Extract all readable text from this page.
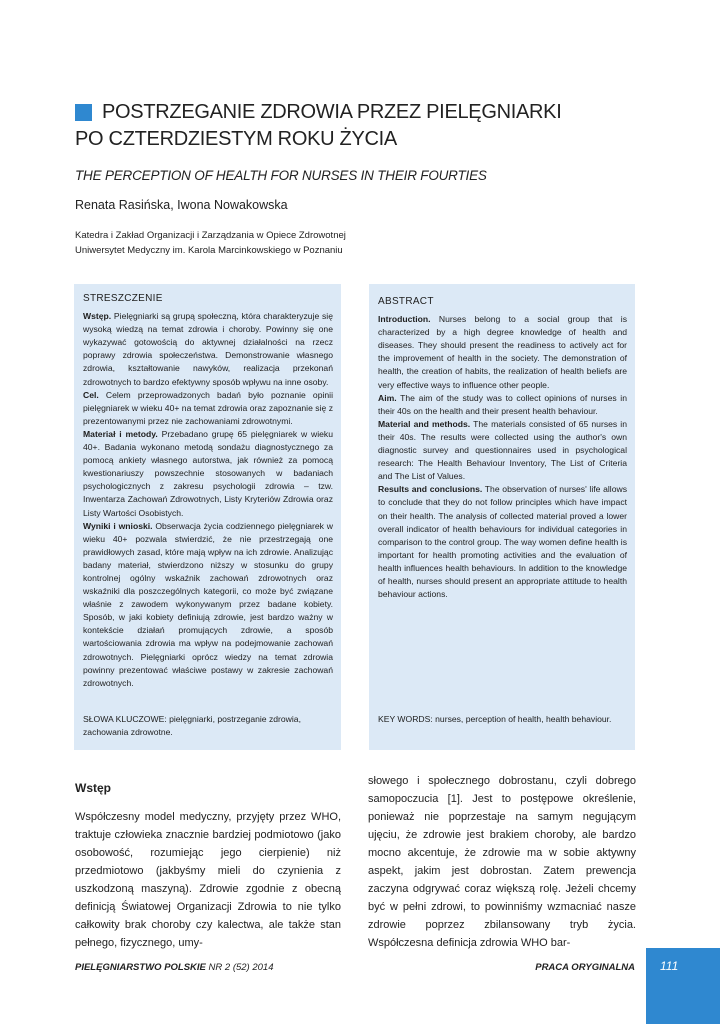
POSTRZEGANIE ZDROWIA PRZEZ PIELĘGNIARKI
PO CZTERDZIESTYM ROKU ŻYCIA

THE PERCEPTION OF HEALTH FOR NURSES IN THEIR FOURTIES

Renata Rasińska, Iwona Nowakowska
Katedra i Zakład Organizacji i Zarządzania w Opiece Zdrowotnej
Uniwersytet Medyczny im. Karola Marcinkowskiego w Poznaniu
STRESZCZENIE

Wstęp. Pielęgniarki są grupą społeczną, która charakteryzuje się wysoką wiedzą na temat zdrowia i choroby. Powinny się one wykazywać gotowością do aktywnej działalności na rzecz poprawy zdrowia społeczeństwa. Demonstrowanie własnego zdrowia, kształtowanie nawyków, realizacja przekonań zdrowotnych to bardzo efektywny sposób wpływu na inne osoby.
Cel. Celem przeprowadzonych badań było poznanie opinii pielęgniarek w wieku 40+ na temat zdrowia oraz zapoznanie się z prezentowanymi przez nie zachowaniami zdrowotnymi.
Materiał i metody. Przebadano grupę 65 pielęgniarek w wieku 40+. Badania wykonano metodą sondażu diagnostycznego za pomocą ankiety własnego autorstwa, jak również za pomocą kwestionariuszy powszechnie stosowanych w badaniach psychologicznych z zakresu psychologii zdrowia – tzw. Inwentarza Zachowań Zdrowotnych, Listy Kryteriów Zdrowia oraz Listy Wartości Osobistych.
Wyniki i wnioski. Obserwacja życia codziennego pielęgniarek w wieku 40+ pozwala stwierdzić, że nie przestrzegają one prawidłowych zasad, które mają wpływ na ich zdrowie. Analizując badany materiał, stwierdzono niższy w stosunku do grupy kontrolnej ogólny wskaźnik zachowań zdrowotnych oraz wskaźniki dla poszczególnych kategorii, co może być związane właśnie z zawodem wykonywanym przez badane kobiety. Sposób, w jaki kobiety definiują zdrowie, jest bardzo ważny w kontekście działań promujących zdrowie, a sposób wartościowania zdrowia ma wpływ na podejmowanie zachowań zdrowotnych. Pielęgniarki oprócz wiedzy na temat zdrowia powinny prezentować właściwe postawy w zakresie zachowań zdrowotnych.

SŁOWA KLUCZOWE: pielęgniarki, postrzeganie zdrowia, zachowania zdrowotne.
ABSTRACT

Introduction. Nurses belong to a social group that is characterized by a high degree knowledge of health and diseases. They should present the readiness to actively act for the improvement of health in the society. The demonstration of health, the creation of habits, the realization of health beliefs are very effective ways to influence other people.
Aim. The aim of the study was to collect opinions of nurses in their 40s on the health and their present health behaviour.
Material and methods. The materials consisted of 65 nurses in their 40s. The results were collected using the author's own diagnostic survey and questionnaires used in psychological research: The Health Behaviour Inventory, The List of Criteria and The List of Values.
Results and conclusions. The observation of nurses' life allows to conclude that they do not follow principles which have impact on their health. The analysis of collected material proved a lower overall indicator of health behaviours for individual categories in comparison to the control group. The way women define health is important for health promoting activities and the evaluation of health influences health behaviours. In addition to the knowledge of health, nurses should present an appropriate attitude to health behaviour actions.

KEY WORDS: nurses, perception of health, health behaviour.
Wstęp

Współczesny model medyczny, przyjęty przez WHO, traktuje człowieka znacznie bardziej podmiotowo (jako osobowość, rozumiejąc jego cierpienie) niż przedmiotowo (jakbyśmy mieli do czynienia z uszkodzoną maszyną). Zdrowie zgodnie z obecną definicją Światowej Organizacji Zdrowia to nie tylko całkowity brak choroby czy kalectwa, ale także stan pełnego, fizycznego, umy-

słowego i społecznego dobrostanu, czyli dobrego samopoczucia [1]. Jest to postępowe określenie, ponieważ nie poprzestaje na samym negującym ujęciu, że zdrowie jest brakiem choroby, ale bardzo mocno akcentuje, że zdrowie ma w sobie aktywny aspekt, jakim jest dobrostan. Zatem prewencja zaczyna odgrywać coraz większą rolę. Jeżeli chcemy być w pełni zdrowi, to powinniśmy wzmacniać nasze zdrowie poprzez zbilansowany tryb życia. Współczesna definicja zdrowia WHO bar-

PIELĘGNIARSTWO POLSKIE NR 2 (52) 2014	PRACA ORYGINALNA 111
